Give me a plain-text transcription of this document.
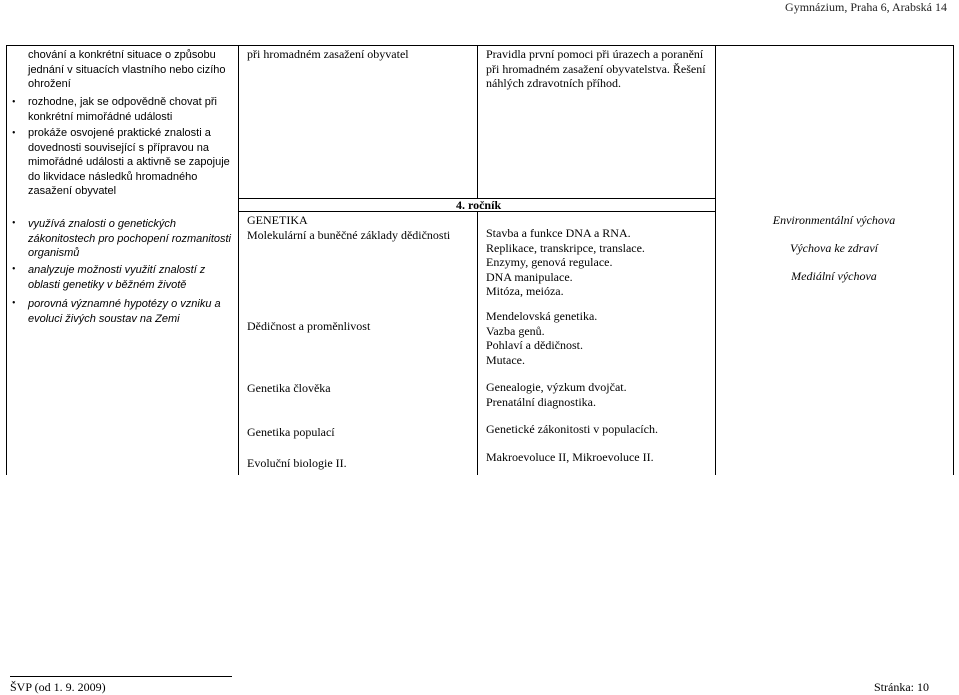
Gymnázium, Praha 6, Arabská 14
chování a konkrétní situace o způsobu
jednání v situacích vlastního nebo cizího
ohrožení
• rozhodne, jak se odpovědně chovat při
konkrétní mimořádné události
• prokáže osvojené praktické znalosti a
dovednosti související s přípravou na
mimořádné události a aktivně se zapojuje
do likvidace následků hromadného
zasažení obyvatel
• využívá znalosti o genetických
zákonitostech pro pochopení rozmanitosti
organismů
• analyzuje možnosti využití znalostí z
oblasti genetiky v běžném životě
• porovná významné hypotézy o vzniku a
evoluci živých soustav na Zemi
při hromadném zasažení obyvatel
GENETIKA
Molekulární a buněčné základy dědičnosti
Dědičnost a proměnlivost
Genetika člověka
Genetika populací
Evoluční biologie II.
Pravidla první pomoci při úrazech a poranění
při hromadném zasažení obyvatelstva. Řešení
náhlých zdravotních příhod.
4. ročník
Stavba a funkce DNA a RNA.
Replikace, transkripce, translace.
Enzymy, genová regulace.
DNA manipulace.
Mitóza, meióza.
Mendelovská genetika.
Vazba genů.
Pohlaví a dědičnost.
Mutace.
Genealogie, výzkum dvojčat.
Prenatální diagnostika.
Genetické zákonitosti v populacích.
Makroevoluce II, Mikroevoluce II.
Environmentální výchova
Výchova ke zdraví
Mediální výchova
ŠVP (od 1. 9. 2009)	Stránka: 10
